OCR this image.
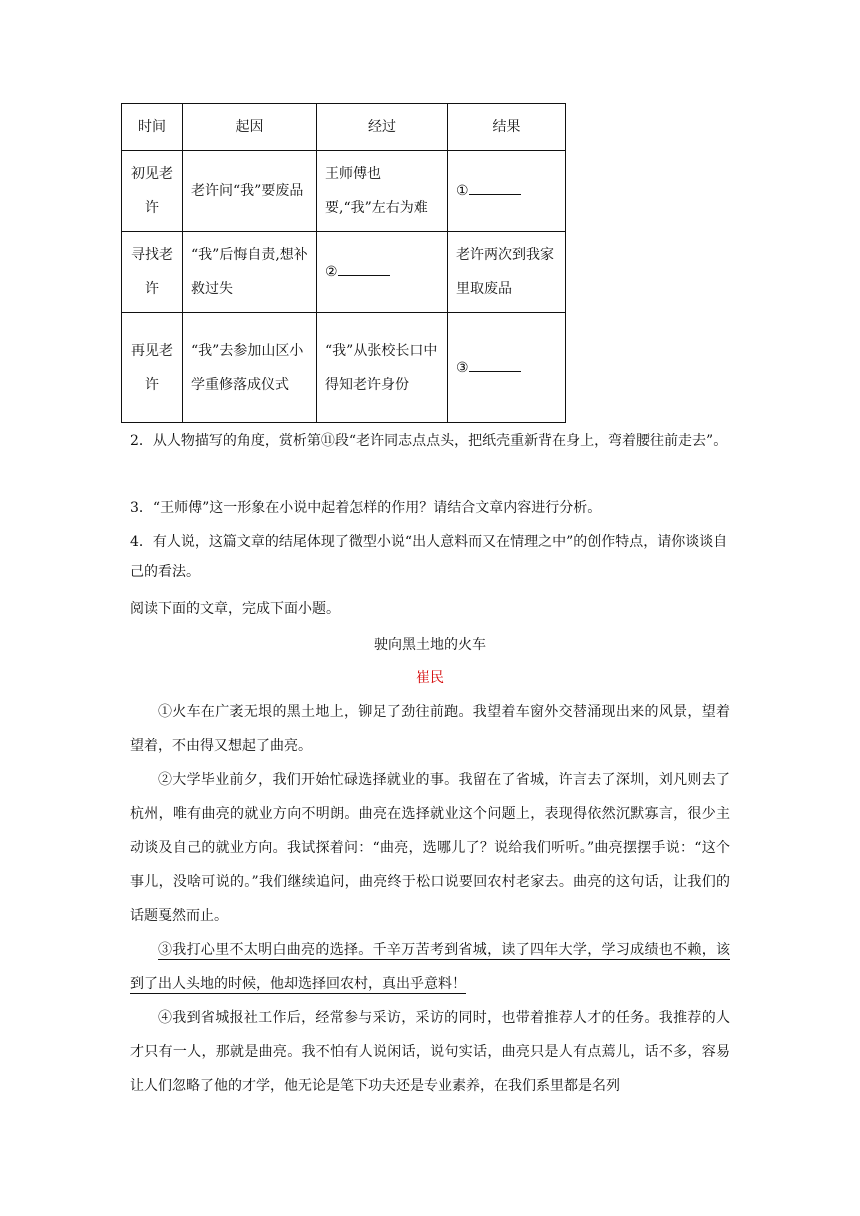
时间	起因	经过	结果
初见老许	老许问“我”要废品	王师傅也要,“我”左右为难	①
寻找老许	“我”后悔自责,想补救过失	②	老许两次到我家里取废品
再见老许	“我”去参加山区小学重修落成仪式	“我”从张校长口中得知老许身份	③
2．从人物描写的角度，赏析第⑪段“老许同志点点头，把纸壳重新背在身上，弯着腰往前走去”。
3．“王师傅”这一形象在小说中起着怎样的作用？请结合文章内容进行分析。
4．有人说，这篇文章的结尾体现了微型小说“出人意料而又在情理之中”的创作特点，请你谈谈自己的看法。
阅读下面的文章，完成下面小题。
驶向黑土地的火车
崔民
①火车在广袤无垠的黑土地上，铆足了劲往前跑。我望着车窗外交替涌现出来的风景，望着望着，不由得又想起了曲亮。
②大学毕业前夕，我们开始忙碌选择就业的事。我留在了省城，许言去了深圳，刘凡则去了杭州，唯有曲亮的就业方向不明朗。曲亮在选择就业这个问题上，表现得依然沉默寡言，很少主动谈及自己的就业方向。我试探着问：“曲亮，选哪儿了？说给我们听听。”曲亮摆摆手说：“这个事儿，没啥可说的。”我们继续追问，曲亮终于松口说要回农村老家去。曲亮的这句话，让我们的话题戛然而止。
③我打心里不太明白曲亮的选择。千辛万苦考到省城，读了四年大学，学习成绩也不赖，该到了出人头地的时候，他却选择回农村，真出乎意料！
④我到省城报社工作后，经常参与采访，采访的同时，也带着推荐人才的任务。我推荐的人才只有一人，那就是曲亮。我不怕有人说闲话，说句实话，曲亮只是人有点蔫儿，话不多，容易让人们忽略了他的才学，他无论是笔下功夫还是专业素养，在我们系里都是名列
